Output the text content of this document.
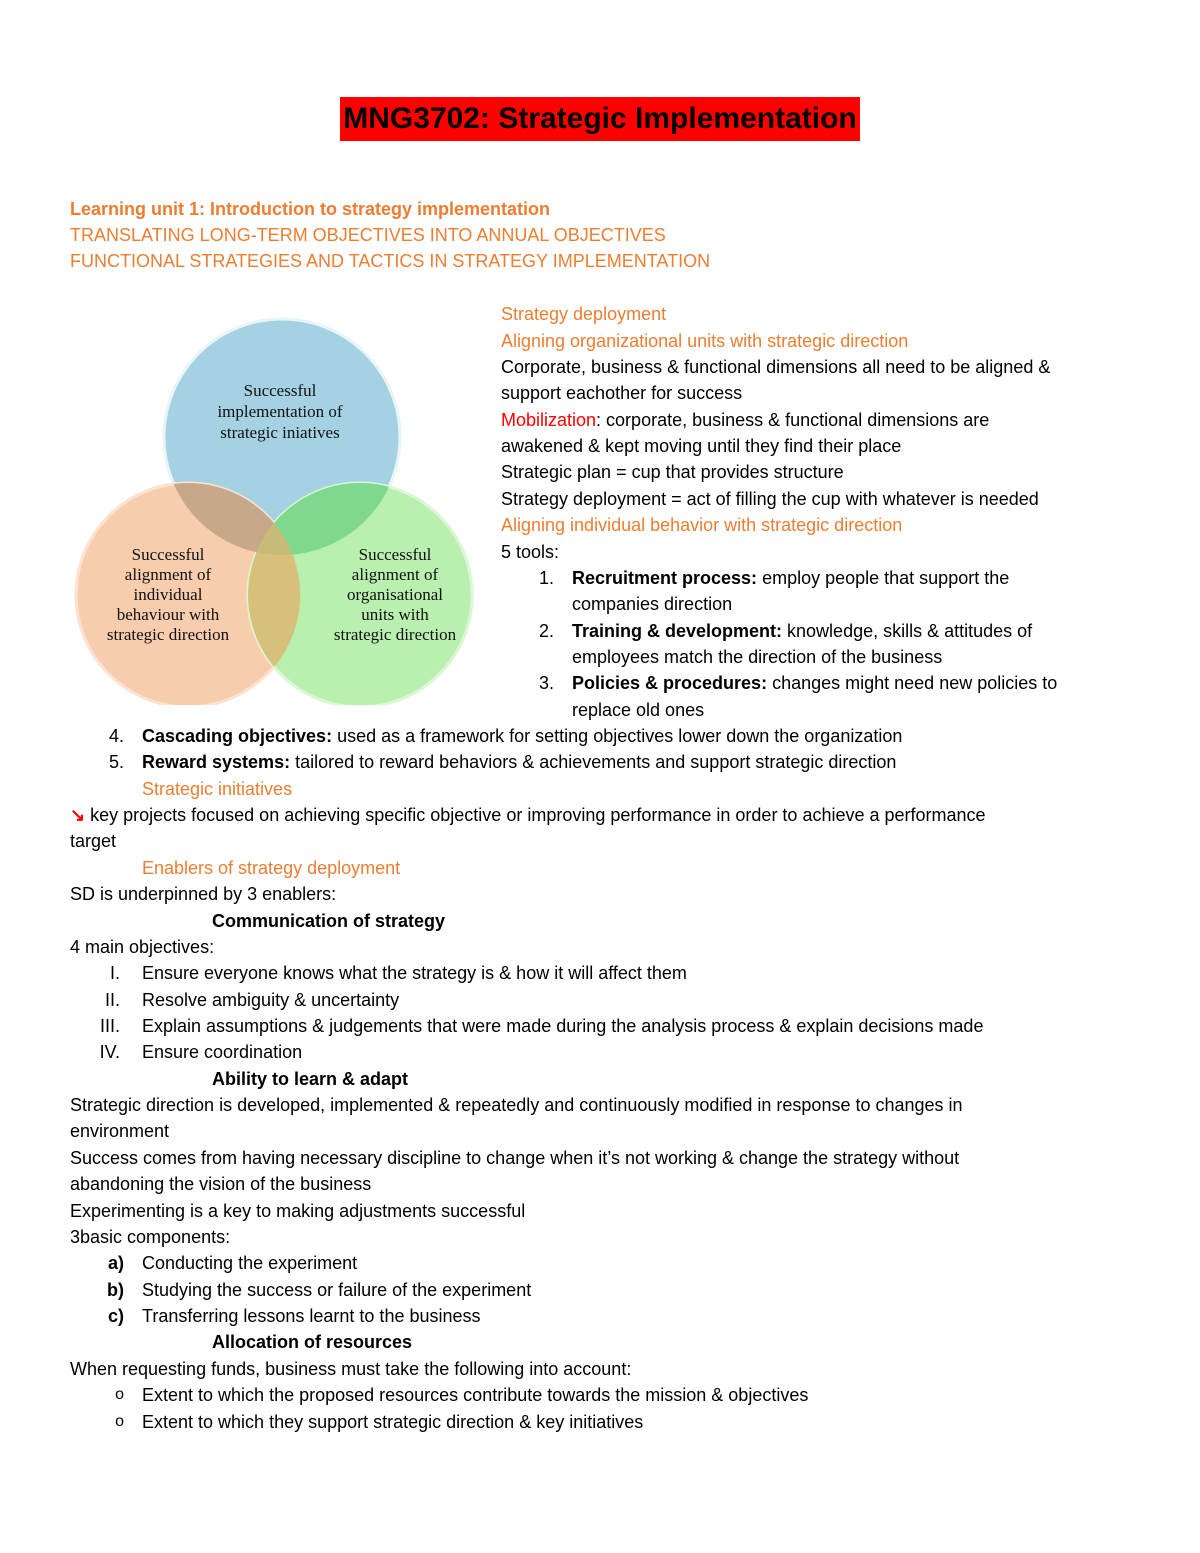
MNG3702: Strategic Implementation
Learning unit 1: Introduction to strategy implementation
TRANSLATING LONG-TERM OBJECTIVES INTO ANNUAL OBJECTIVES
FUNCTIONAL STRATEGIES AND TACTICS IN STRATEGY IMPLEMENTATION
Successful
implementation of
strategic iniatives
Successful
alignment of
individual
behaviour with
strategic direction
Successful
alignment of
organisational
units with
strategic direction
Strategy deployment
Aligning organizational units with strategic direction
Corporate, business & functional dimensions all need to be aligned &
support eachother for success
Mobilization: corporate, business & functional dimensions are
awakened & kept moving until they find their place
Strategic plan = cup that provides structure
Strategy deployment = act of filling the cup with whatever is needed
Aligning individual behavior with strategic direction
5 tools:
1. Recruitment process: employ people that support the
companies direction
2. Training & development: knowledge, skills & attitudes of
employees match the direction of the business
3. Policies & procedures: changes might need new policies to
replace old ones
4. Cascading objectives: used as a framework for setting objectives lower down the organization
5. Reward systems: tailored to reward behaviors & achievements and support strategic direction
Strategic initiatives
↘ key projects focused on achieving specific objective or improving performance in order to achieve a performance
target
Enablers of strategy deployment
SD is underpinned by 3 enablers:
Communication of strategy
4 main objectives:
I. Ensure everyone knows what the strategy is & how it will affect them
II. Resolve ambiguity & uncertainty
III. Explain assumptions & judgements that were made during the analysis process & explain decisions made
IV. Ensure coordination
Ability to learn & adapt
Strategic direction is developed, implemented & repeatedly and continuously modified in response to changes in
environment
Success comes from having necessary discipline to change when it’s not working & change the strategy without
abandoning the vision of the business
Experimenting is a key to making adjustments successful
3basic components:
a) Conducting the experiment
b) Studying the success or failure of the experiment
c) Transferring lessons learnt to the business
Allocation of resources
When requesting funds, business must take the following into account:
o Extent to which the proposed resources contribute towards the mission & objectives
o Extent to which they support strategic direction & key initiatives
